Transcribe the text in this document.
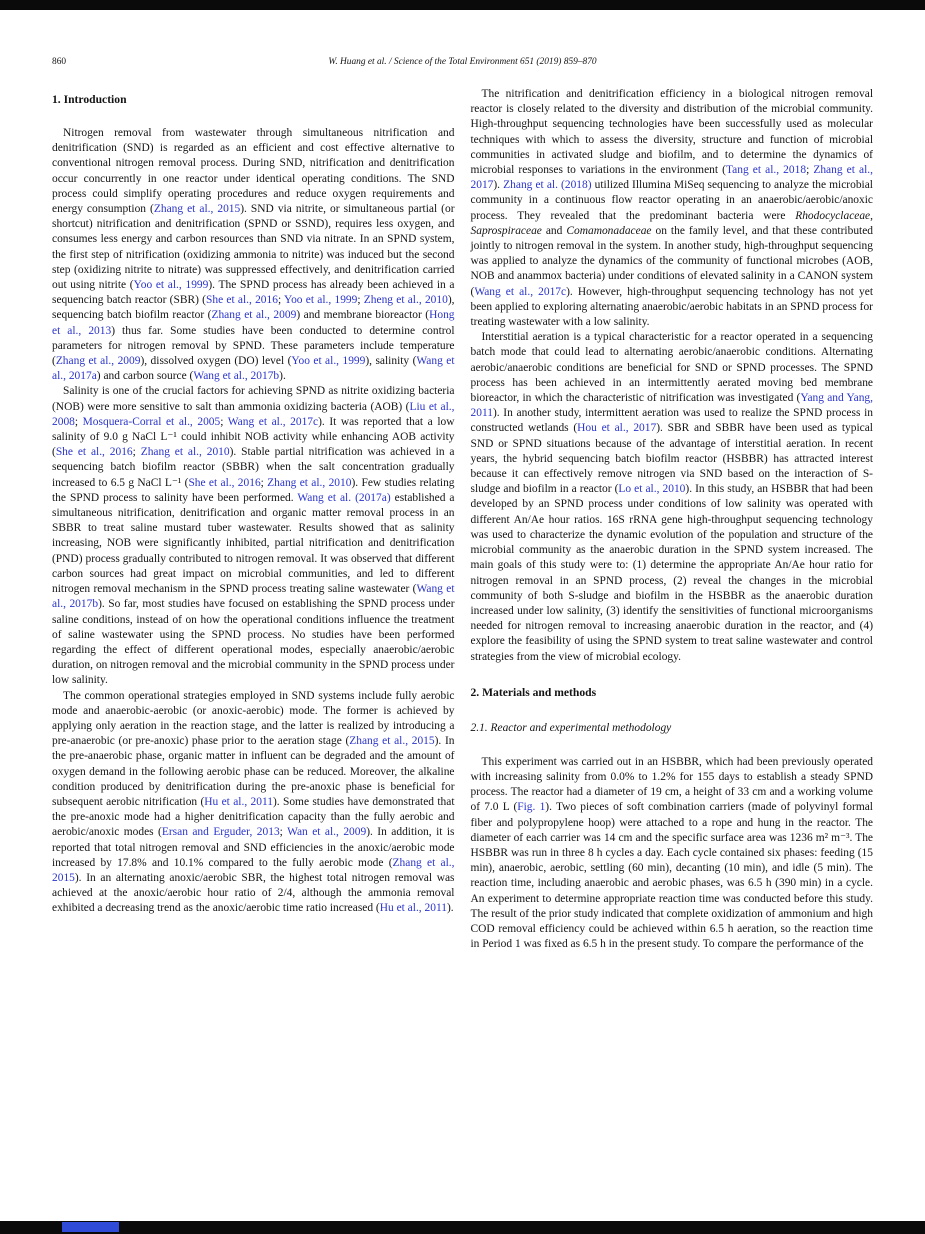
860	W. Huang et al. / Science of the Total Environment 651 (2019) 859–870
1. Introduction

Nitrogen removal from wastewater through simultaneous nitrification and denitrification (SND) is regarded as an efficient and cost effective alternative to conventional nitrogen removal process. During SND, nitrification and denitrification occur concurrently in one reactor under identical operating conditions. The SND process could simplify operating procedures and reduce oxygen requirements and energy consumption (Zhang et al., 2015). SND via nitrite, or simultaneous partial (or shortcut) nitrification and denitrification (SPND or SSND), requires less oxygen, and consumes less energy and carbon resources than SND via nitrate. In an SPND system, the first step of nitrification (oxidizing ammonia to nitrite) was induced but the second step (oxidizing nitrite to nitrate) was suppressed effectively, and denitrification carried out using nitrite (Yoo et al., 1999). The SPND process has already been achieved in a sequencing batch reactor (SBR) (She et al., 2016; Yoo et al., 1999; Zheng et al., 2010), sequencing batch biofilm reactor (Zhang et al., 2009) and membrane bioreactor (Hong et al., 2013) thus far. Some studies have been conducted to determine control parameters for nitrogen removal by SPND. These parameters include temperature (Zhang et al., 2009), dissolved oxygen (DO) level (Yoo et al., 1999), salinity (Wang et al., 2017a) and carbon source (Wang et al., 2017b).

Salinity is one of the crucial factors for achieving SPND as nitrite oxidizing bacteria (NOB) were more sensitive to salt than ammonia oxidizing bacteria (AOB) (Liu et al., 2008; Mosquera-Corral et al., 2005; Wang et al., 2017c). It was reported that a low salinity of 9.0 g NaCl L⁻¹ could inhibit NOB activity while enhancing AOB activity (She et al., 2016; Zhang et al., 2010). Stable partial nitrification was achieved in a sequencing batch biofilm reactor (SBBR) when the salt concentration gradually increased to 6.5 g NaCl L⁻¹ (She et al., 2016; Zhang et al., 2010). Few studies relating the SPND process to salinity have been performed. Wang et al. (2017a) established a simultaneous nitrification, denitrification and organic matter removal process in an SBBR to treat saline mustard tuber wastewater. Results showed that as salinity increasing, NOB were significantly inhibited, partial nitrification and denitrification (PND) process gradually contributed to nitrogen removal. It was observed that different carbon sources had great impact on microbial communities, and led to different nitrogen removal mechanism in the SPND process treating saline wastewater (Wang et al., 2017b). So far, most studies have focused on establishing the SPND process under saline conditions, instead of on how the operational conditions influence the treatment of saline wastewater using the SPND process. No studies have been performed regarding the effect of different operational modes, especially anaerobic/aerobic duration, on nitrogen removal and the microbial community in the SPND process under low salinity.

The common operational strategies employed in SND systems include fully aerobic mode and anaerobic-aerobic (or anoxic-aerobic) mode. The former is achieved by applying only aeration in the reaction stage, and the latter is realized by introducing a pre-anaerobic (or pre-anoxic) phase prior to the aeration stage (Zhang et al., 2015). In the pre-anaerobic phase, organic matter in influent can be degraded and the amount of oxygen demand in the following aerobic phase can be reduced. Moreover, the alkaline condition produced by denitrification during the pre-anoxic phase is beneficial for subsequent aerobic nitrification (Hu et al., 2011). Some studies have demonstrated that the pre-anoxic mode had a higher denitrification capacity than the fully aerobic and aerobic/anoxic modes (Ersan and Erguder, 2013; Wan et al., 2009). In addition, it is reported that total nitrogen removal and SND efficiencies in the anoxic/aerobic mode increased by 17.8% and 10.1% compared to the fully aerobic mode (Zhang et al., 2015). In an alternating anoxic/aerobic SBR, the highest total nitrogen removal was achieved at the anoxic/aerobic hour ratio of 2/4, although the ammonia removal exhibited a decreasing trend as the anoxic/aerobic time ratio increased (Hu et al., 2011).

The nitrification and denitrification efficiency in a biological nitrogen removal reactor is closely related to the diversity and distribution of the microbial community. High-throughput sequencing technologies have been successfully used as molecular techniques with which to assess the diversity, structure and function of microbial communities in activated sludge and biofilm, and to determine the dynamics of microbial responses to variations in the environment (Tang et al., 2018; Zhang et al., 2017). Zhang et al. (2018) utilized Illumina MiSeq sequencing to analyze the microbial community in a continuous flow reactor operating in an anaerobic/aerobic/anoxic process. They revealed that the predominant bacteria were Rhodocyclaceae, Saprospiraceae and Comamonadaceae on the family level, and that these contributed jointly to nitrogen removal in the system. In another study, high-throughput sequencing was applied to analyze the dynamics of the community of functional microbes (AOB, NOB and anammox bacteria) under conditions of elevated salinity in a CANON system (Wang et al., 2017c). However, high-throughput sequencing technology has not yet been applied to exploring alternating anaerobic/aerobic habitats in an SPND process for treating wastewater with a low salinity.

Interstitial aeration is a typical characteristic for a reactor operated in a sequencing batch mode that could lead to alternating aerobic/anaerobic conditions. Alternating aerobic/anaerobic conditions are beneficial for SND or SPND processes. The SPND process has been achieved in an intermittently aerated moving bed membrane bioreactor, in which the characteristic of nitrification was investigated (Yang and Yang, 2011). In another study, intermittent aeration was used to realize the SPND process in constructed wetlands (Hou et al., 2017). SBR and SBBR have been used as typical SND or SPND situations because of the advantage of interstitial aeration. In recent years, the hybrid sequencing batch biofilm reactor (HSBBR) has attracted interest because it can effectively remove nitrogen via SND based on the interaction of S-sludge and biofilm in a reactor (Lo et al., 2010). In this study, an HSBBR that had been developed by an SPND process under conditions of low salinity was operated with different An/Ae hour ratios. 16S rRNA gene high-throughput sequencing technology was used to characterize the dynamic evolution of the population and structure of the microbial community as the anaerobic duration in the SPND system increased. The main goals of this study were to: (1) determine the appropriate An/Ae hour ratio for nitrogen removal in an SPND process, (2) reveal the changes in the microbial community of both S-sludge and biofilm in the HSBBR as the anaerobic duration increased under low salinity, (3) identify the sensitivities of functional microorganisms needed for nitrogen removal to increasing anaerobic duration in the reactor, and (4) explore the feasibility of using the SPND system to treat saline wastewater and control strategies from the view of microbial ecology.

2. Materials and methods
2.1. Reactor and experimental methodology

This experiment was carried out in an HSBBR, which had been previously operated with increasing salinity from 0.0% to 1.2% for 155 days to establish a steady SPND process. The reactor had a diameter of 19 cm, a height of 33 cm and a working volume of 7.0 L (Fig. 1). Two pieces of soft combination carriers (made of polyvinyl formal fiber and polypropylene hoop) were attached to a rope and hung in the reactor. The diameter of each carrier was 14 cm and the specific surface area was 1236 m² m⁻³. The HSBBR was run in three 8 h cycles a day. Each cycle contained six phases: feeding (15 min), anaerobic, aerobic, settling (60 min), decanting (10 min), and idle (5 min). The reaction time, including anaerobic and aerobic phases, was 6.5 h (390 min) in a cycle. An experiment to determine appropriate reaction time was conducted before this study. The result of the prior study indicated that complete oxidization of ammonium and high COD removal efficiency could be achieved within 6.5 h aeration, so the reaction time in Period 1 was fixed as 6.5 h in the present study. To compare the performance of the
